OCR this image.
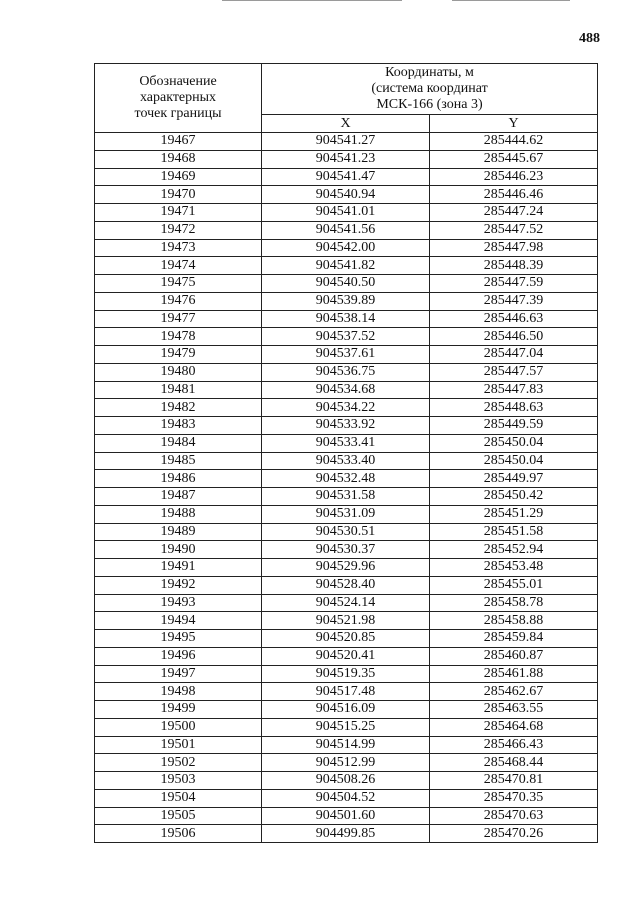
488
Обозначение
характерных
точек границы	Координаты, м
(система координат
МСК-166 (зона 3)	

	X	Y
19467	904541.27	285444.62
19468	904541.23	285445.67
19469	904541.47	285446.23
19470	904540.94	285446.46
19471	904541.01	285447.24
19472	904541.56	285447.52
19473	904542.00	285447.98
19474	904541.82	285448.39
19475	904540.50	285447.59
19476	904539.89	285447.39
19477	904538.14	285446.63
19478	904537.52	285446.50
19479	904537.61	285447.04
19480	904536.75	285447.57
19481	904534.68	285447.83
19482	904534.22	285448.63
19483	904533.92	285449.59
19484	904533.41	285450.04
19485	904533.40	285450.04
19486	904532.48	285449.97
19487	904531.58	285450.42
19488	904531.09	285451.29
19489	904530.51	285451.58
19490	904530.37	285452.94
19491	904529.96	285453.48
19492	904528.40	285455.01
19493	904524.14	285458.78
19494	904521.98	285458.88
19495	904520.85	285459.84
19496	904520.41	285460.87
19497	904519.35	285461.88
19498	904517.48	285462.67
19499	904516.09	285463.55
19500	904515.25	285464.68
19501	904514.99	285466.43
19502	904512.99	285468.44
19503	904508.26	285470.81
19504	904504.52	285470.35
19505	904501.60	285470.63
19506	904499.85	285470.26
